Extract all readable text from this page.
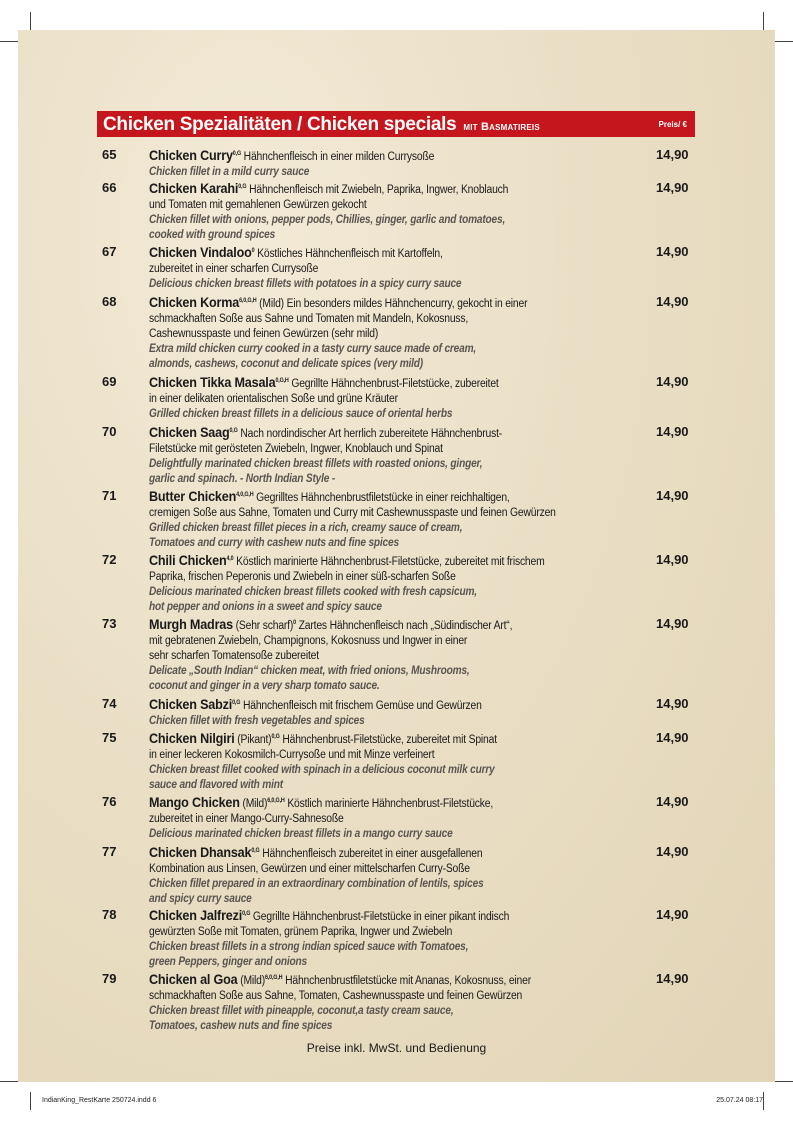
Chicken Spezialitäten / Chicken specials mit Basmatireis	Preis/ €
65 Chicken Curry$^{0,G}$ Hähnchenfleisch in einer milden Currysoße
Chicken fillet in a mild curry sauce
14,90
66 Chicken Karahi$^{0,G}$ Hähnchenfleisch mit Zwiebeln, Paprika, Ingwer, Knoblauch
und Tomaten mit gemahlenen Gewürzen gekocht
Chicken fillet with onions, pepper pods, Chillies, ginger, garlic and tomatoes,
cooked with ground spices
14,90
67 Chicken Vindaloo$^0$ Köstliches Hähnchenfleisch mit Kartoffeln,
zubereitet in einer scharfen Currysoße
Delicious chicken breast fillets with potatoes in a spicy curry sauce
14,90
68 Chicken Korma$^{6,0,G,H}$ (Mild) Ein besonders mildes Hähnchencurry, gekocht in einer
schmackhaften Soße aus Sahne und Tomaten mit Mandeln, Kokosnuss,
Cashewnusspaste und feinen Gewürzen (sehr mild)
Extra mild chicken curry cooked in a tasty curry sauce made of cream,
almonds, cashews, coconut and delicate spices (very mild)
14,90
69 Chicken Tikka Masala$^{0,G,H}$ Gegrillte Hähnchenbrust-Filetstücke, zubereitet
in einer delikaten orientalischen Soße und grüne Kräuter
Grilled chicken breast fillets in a delicious sauce of oriental herbs
14,90
70 Chicken Saag$^{0,G}$ Nach nordindischer Art herrlich zubereitete Hähnchenbrust-
Filetstücke mit gerösteten Zwiebeln, Ingwer, Knoblauch und Spinat
Delightfully marinated chicken breast fillets with roasted onions, ginger,
garlic and spinach. - North Indian Style -
14,90
71 Butter Chicken$^{4,0,G,H}$ Gegrilltes Hähnchenbrustfiletstücke in einer reichhaltigen,
cremigen Soße aus Sahne, Tomaten und Curry mit Cashewnusspaste und feinen Gewürzen
Grilled chicken breast fillet pieces in a rich, creamy sauce of cream,
Tomatoes and curry with cashew nuts and fine spices
14,90
72 Chili Chicken$^{4,0}$ Köstlich marinierte Hähnchenbrust-Filetstücke, zubereitet mit frischem
Paprika, frischen Peperonis und Zwiebeln in einer süß-scharfen Soße
Delicious marinated chicken breast fillets cooked with fresh capsicum,
hot pepper and onions in a sweet and spicy sauce
14,90
73 Murgh Madras (Sehr scharf)$^0$ Zartes Hähnchenfleisch nach „Südindischer Art“,
mit gebratenen Zwiebeln, Champignons, Kokosnuss und Ingwer in einer
sehr scharfen Tomatensoße zubereitet
Delicate „South Indian“ chicken meat, with fried onions, Mushrooms,
coconut and ginger in a very sharp tomato sauce.
14,90
74 Chicken Sabzi$^{0,G}$ Hähnchenfleisch mit frischem Gemüse und Gewürzen
Chicken fillet with fresh vegetables and spices
14,90
75 Chicken Nilgiri (Pikant)$^{0,G}$ Hähnchenbrust-Filetstücke, zubereitet mit Spinat
in einer leckeren Kokosmilch-Currysoße und mit Minze verfeinert
Chicken breast fillet cooked with spinach in a delicious coconut milk curry
sauce and flavored with mint
14,90
76 Mango Chicken (Mild)$^{6,0,G,H}$ Köstlich marinierte Hähnchenbrust-Filetstücke,
zubereitet in einer Mango-Curry-Sahnesoße
Delicious marinated chicken breast fillets in a mango curry sauce
14,90
77 Chicken Dhansak$^{0,G}$ Hähnchenfleisch zubereitet in einer ausgefallenen
Kombination aus Linsen, Gewürzen und einer mittelscharfen Curry-Soße
Chicken fillet prepared in an extraordinary combination of lentils, spices
and spicy curry sauce
14,90
78 Chicken Jalfrezi$^{0,G}$ Gegrillte Hähnchenbrust-Filetstücke in einer pikant indisch
gewürzten Soße mit Tomaten, grünem Paprika, Ingwer und Zwiebeln
Chicken breast fillets in a strong indian spiced sauce with Tomatoes,
green Peppers, ginger and onions
14,90
79 Chicken al Goa (Mild)$^{6,0,G,H}$ Hähnchenbrustfiletstücke mit Ananas, Kokosnuss, einer
schmackhaften Soße aus Sahne, Tomaten, Cashewnusspaste und feinen Gewürzen
Chicken breast fillet with pineapple, coconut,a tasty cream sauce,
Tomatoes, cashew nuts and fine spices
14,90
Preise inkl. MwSt. und Bedienung
IndianKing_RestKarte 250724.indd 6	25.07.24 08:17
